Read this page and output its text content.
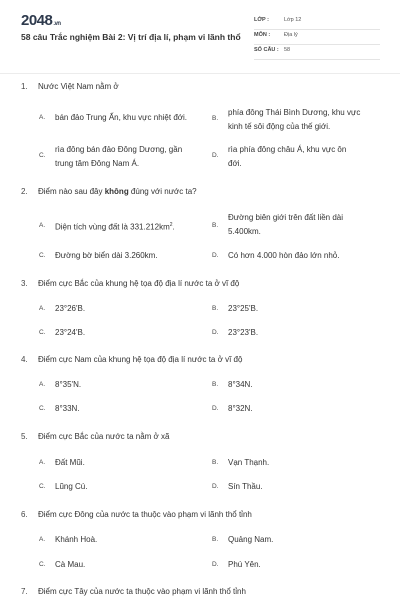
2048.vn
58 câu Trắc nghiệm Bài 2: Vị trí địa lí, phạm vi lãnh thổ
LỚP :	Lớp 12
MÔN :	Địa lý
SỐ CÂU : 58
1. Nước Việt Nam nằm ở
A. bán đảo Trung Ấn, khu vực nhiệt đới.	B.
phía đông Thái Bình Dương, khu vực
kinh tế sôi động của thế giới.
C.
rìa đông bán đảo Đông Dương, gần
trung tâm Đông Nam Á.
D.
rìa phía đông châu Á, khu vực ôn
đới.
2. Điểm nào sau đây không đúng với nước ta?
A. Diện tích vùng đất là $331.212km^2$.	B.
Đường biên giới trên đất liền dài
5.400km.
C. Đường bờ biển dài 3.260km.	D. Có hơn 4.000 hòn đảo lớn nhỏ.
3. Điểm cực Bắc của khung hệ tọa độ địa lí nước ta ở vĩ độ
A. 23°26'B.	B. 23°25'B.
C. 23°24'B.	D. 23°23'B.
4. Điểm cực Nam của khung hệ tọa độ địa lí nước ta ở vĩ độ
A. 8°35'N.	B. 8°34N.
C. 8°33N.	D. 8°32N.
5. Điểm cực Bắc của nước ta nằm ở xã
A. Đất Mũi.	B. Vạn Thạnh.
C. Lũng Cú.	D. Sín Thầu.
6. Điểm cực Đông của nước ta thuộc vào phạm vi lãnh thổ tỉnh
A. Khánh Hoà.	B. Quảng Nam.
C. Cà Mau.	D. Phú Yên.
7. Điểm cực Tây của nước ta thuộc vào phạm vi lãnh thổ tỉnh
